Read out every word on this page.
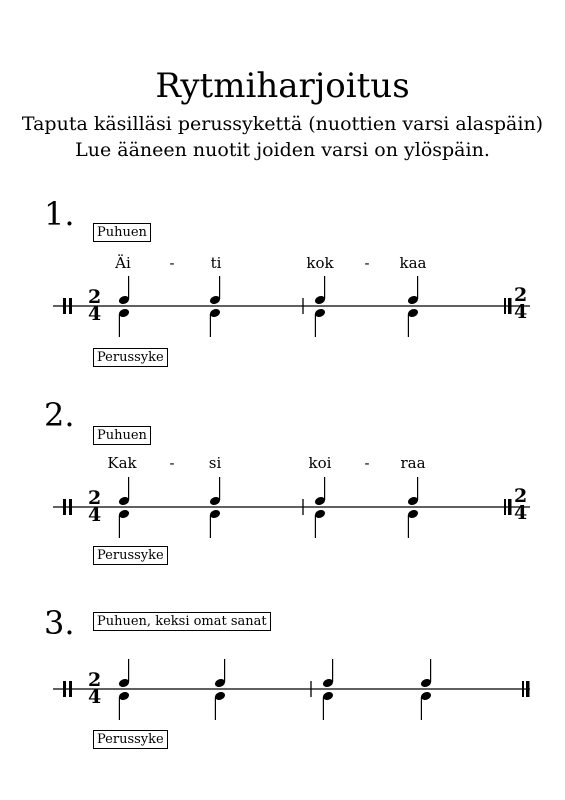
Rytmiharjoitus
Taputa käsilläsi perussykettä (nuottien varsi alaspäin)
Lue ääneen nuotit joiden varsi on ylöspäin.
1.	Puhuen
Äi	- ti	kok - kaa
2
4
2
4
Perussyke
2.
Puhuen
Kak - si	koi - raa
2
4
2
4
Perussyke
3.	Puhuen, keksi omat sanat
2
4
Perussyke
